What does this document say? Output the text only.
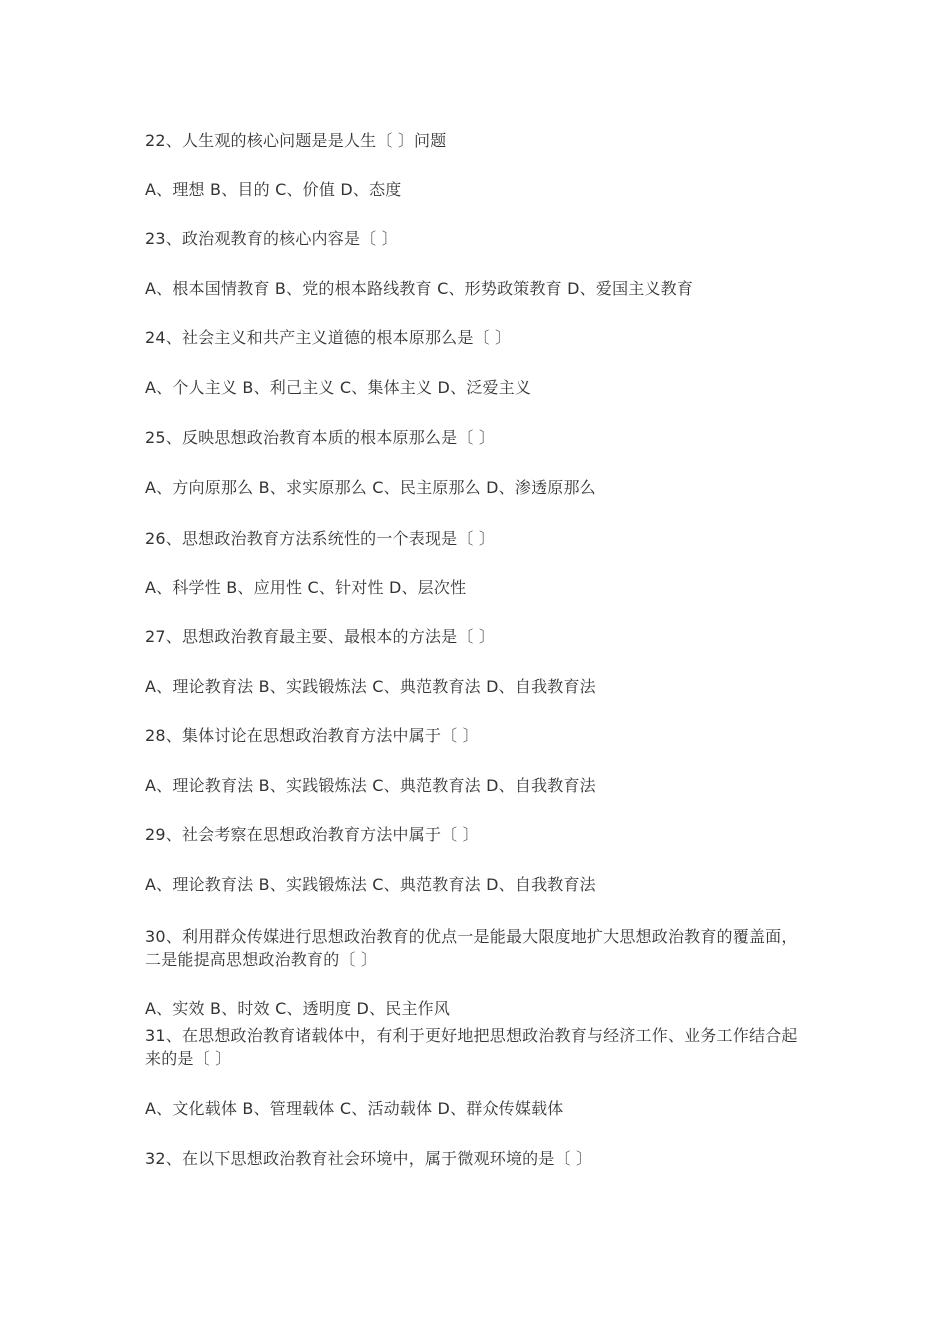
22、人生观的核心问题是是人生〔 〕问题
A、理想 B、目的 C、价值 D、态度
23、政治观教育的核心内容是〔 〕
A、根本国情教育 B、党的根本路线教育 C、形势政策教育 D、爱国主义教育
24、社会主义和共产主义道德的根本原那么是〔 〕
A、个人主义 B、利己主义 C、集体主义 D、泛爱主义
25、反映思想政治教育本质的根本原那么是〔 〕
A、方向原那么 B、求实原那么 C、民主原那么 D、渗透原那么
26、思想政治教育方法系统性的一个表现是〔 〕
A、科学性 B、应用性 C、针对性 D、层次性
27、思想政治教育最主要、最根本的方法是〔 〕
A、理论教育法 B、实践锻炼法 C、典范教育法 D、自我教育法
28、集体讨论在思想政治教育方法中属于〔 〕
A、理论教育法 B、实践锻炼法 C、典范教育法 D、自我教育法
29、社会考察在思想政治教育方法中属于〔 〕
A、理论教育法 B、实践锻炼法 C、典范教育法 D、自我教育法
30、利用群众传媒进行思想政治教育的优点一是能最大限度地扩大思想政治教育的覆盖面，
二是能提高思想政治教育的〔 〕
A、实效 B、时效 C、透明度 D、民主作风
31、在思想政治教育诸载体中，有利于更好地把思想政治教育与经济工作、业务工作结合起
来的是〔 〕
A、文化载体 B、管理载体 C、活动载体 D、群众传媒载体
32、在以下思想政治教育社会环境中，属于微观环境的是〔 〕
